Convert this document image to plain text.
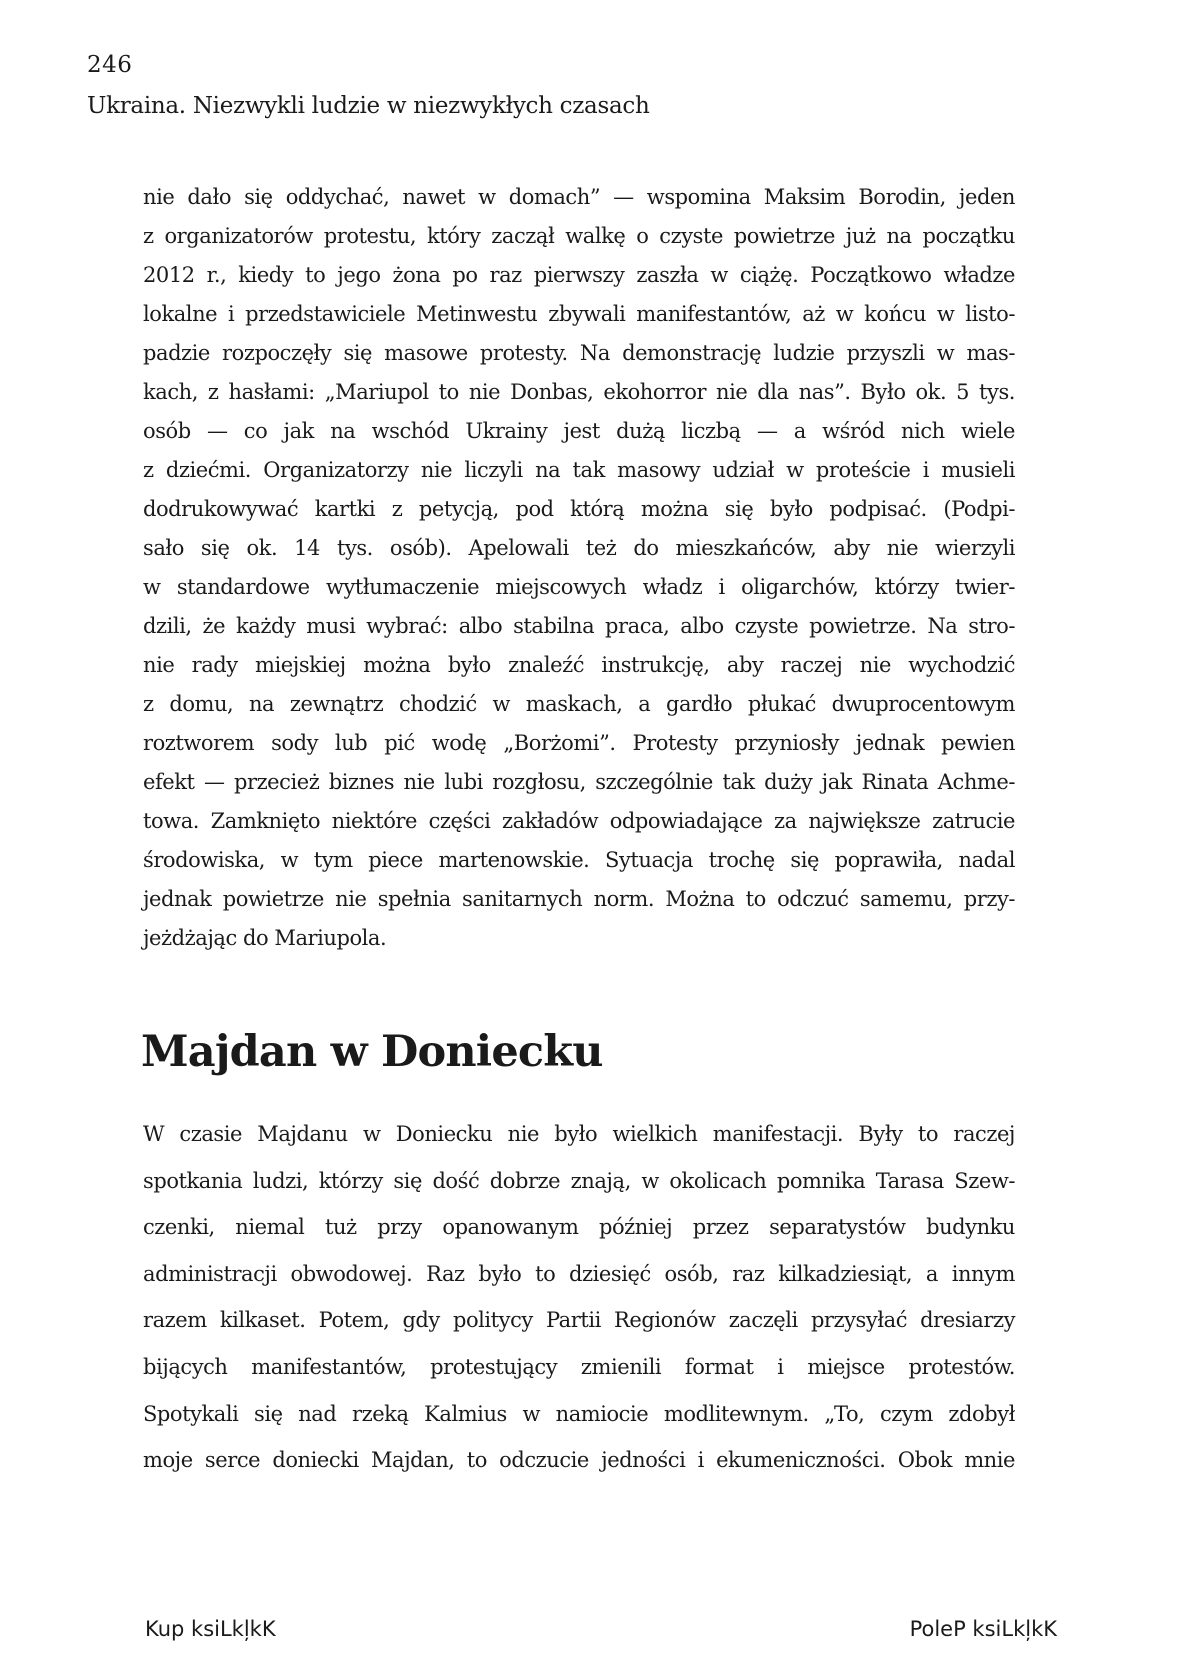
246
Ukraina. Niezwykli ludzie w niezwykłych czasach
nie dało się oddychać, nawet w domach” — wspomina Maksim Borodin, jeden
z organizatorów protestu, który zaczął walkę o czyste powietrze już na początku
2012 r., kiedy to jego żona po raz pierwszy zaszła w ciążę. Początkowo władze
lokalne i przedstawiciele Metinwestu zbywali manifestantów, aż w końcu w listo-
padzie rozpoczęły się masowe protesty. Na demonstrację ludzie przyszli w mas-
kach, z hasłami: „Mariupol to nie Donbas, ekohorror nie dla nas”. Było ok. 5 tys.
osób — co jak na wschód Ukrainy jest dużą liczbą — a wśród nich wiele
z dziećmi. Organizatorzy nie liczyli na tak masowy udział w proteście i musieli
dodrukowywać kartki z petycją, pod którą można się było podpisać. (Podpi-
sało się ok. 14 tys. osób). Apelowali też do mieszkańców, aby nie wierzyli
w standardowe wytłumaczenie miejscowych władz i oligarchów, którzy twier-
dzili, że każdy musi wybrać: albo stabilna praca, albo czyste powietrze. Na stro-
nie rady miejskiej można było znaleźć instrukcję, aby raczej nie wychodzić
z domu, na zewnątrz chodzić w maskach, a gardło płukać dwuprocentowym
roztworem sody lub pić wodę „Borżomi”. Protesty przyniosły jednak pewien
efekt — przecież biznes nie lubi rozgłosu, szczególnie tak duży jak Rinata Achme-
towa. Zamknięto niektóre części zakładów odpowiadające za największe zatrucie
środowiska, w tym piece martenowskie. Sytuacja trochę się poprawiła, nadal
jednak powietrze nie spełnia sanitarnych norm. Można to odczuć samemu, przy-
jeżdżając do Mariupola.
Majdan w Doniecku
W czasie Majdanu w Doniecku nie było wielkich manifestacji. Były to raczej
spotkania ludzi, którzy się dość dobrze znają, w okolicach pomnika Tarasa Szew-
czenki, niemal tuż przy opanowanym później przez separatystów budynku
administracji obwodowej. Raz było to dziesięć osób, raz kilkadziesiąt, a innym
razem kilkaset. Potem, gdy politycy Partii Regionów zaczęli przysyłać dresiarzy
bijących manifestantów, protestujący zmienili format i miejsce protestów.
Spotykali się nad rzeką Kalmius w namiocie modlitewnym. „To, czym zdobył
moje serce doniecki Majdan, to odczucie jedności i ekumeniczności. Obok mnie
Kup ksiLkļkK	PoleP ksiLkļkK
